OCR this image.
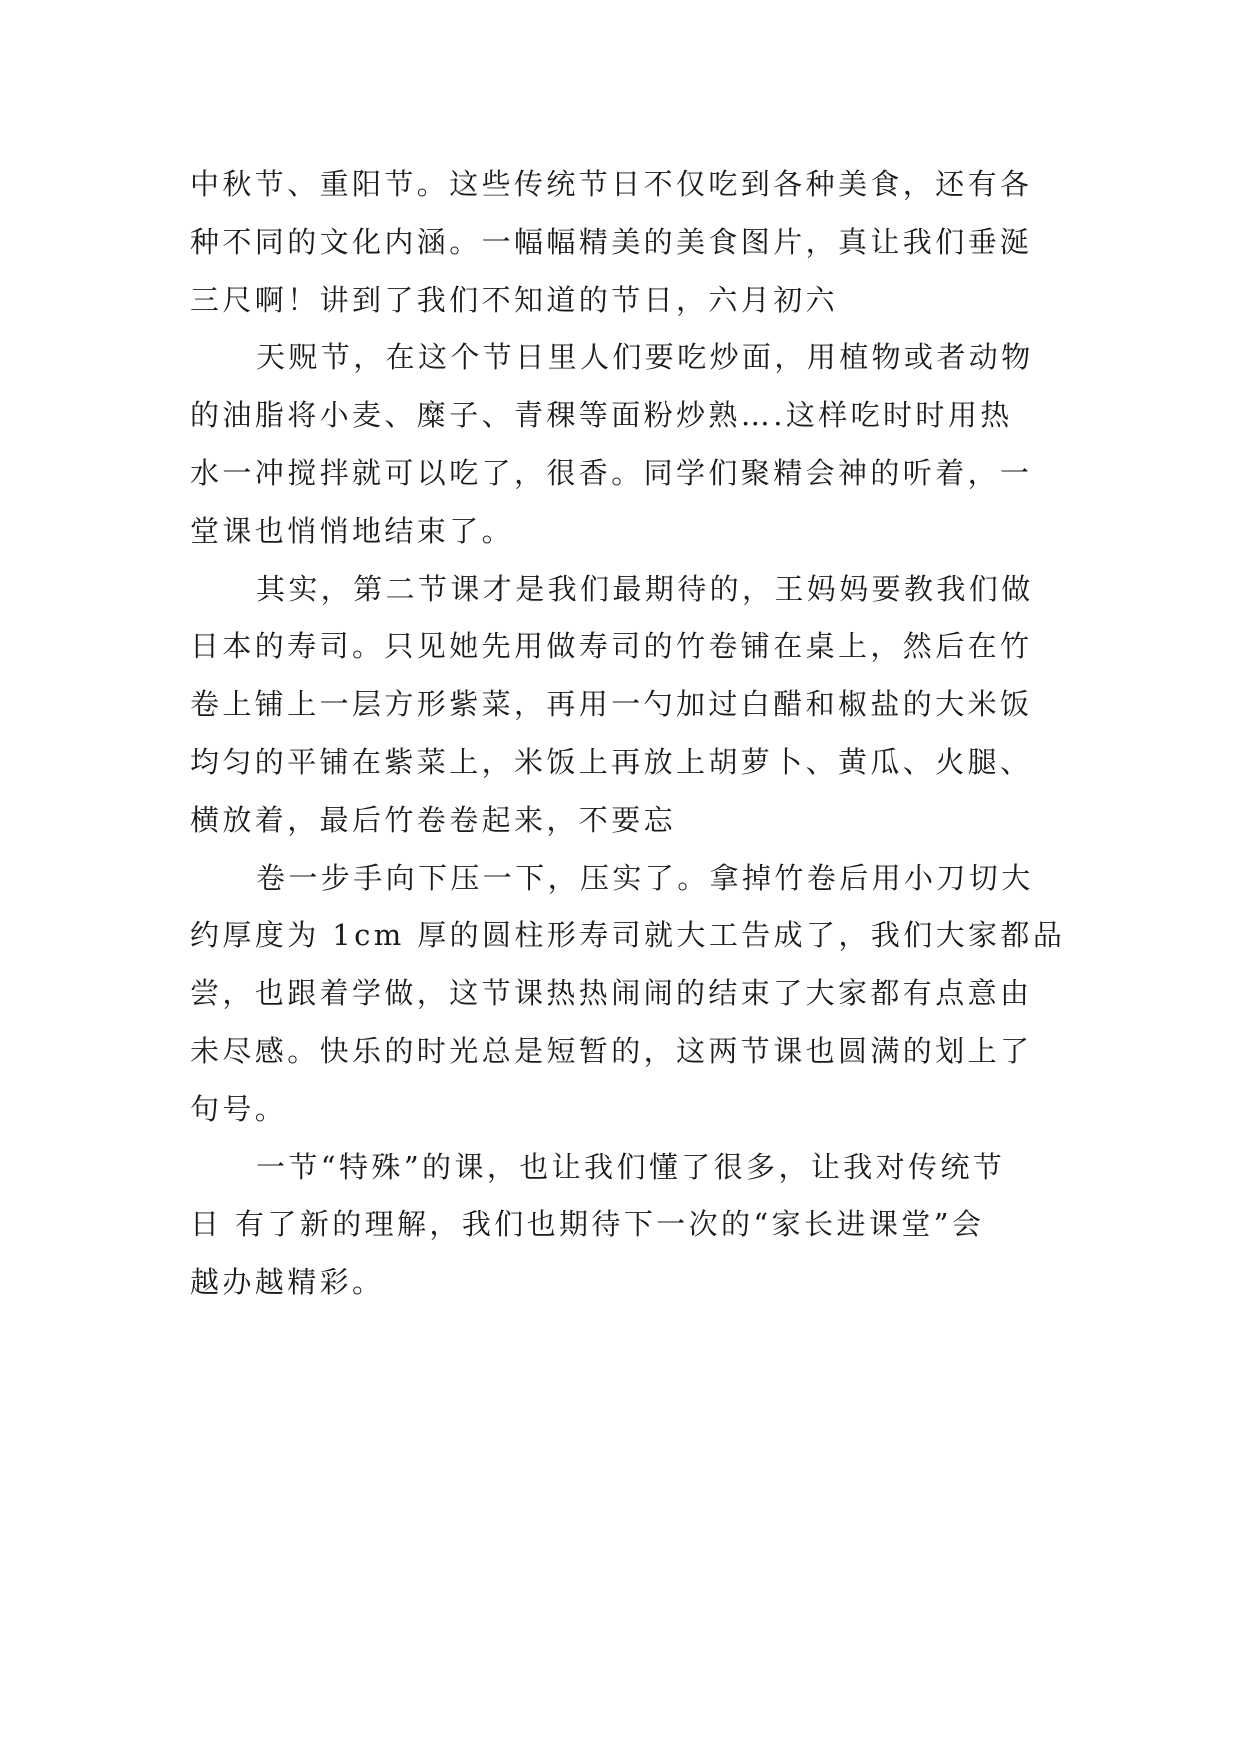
中秋节、重阳节。这些传统节日不仅吃到各种美食，还有各
种不同的文化内涵。一幅幅精美的美食图片，真让我们垂涎
三尺啊！讲到了我们不知道的节日，六月初六
天贶节，在这个节日里人们要吃炒面，用植物或者动物
的油脂将小麦、糜子、青稞等面粉炒熟….这样吃时时用热
水一冲搅拌就可以吃了，很香。同学们聚精会神的听着，一
堂课也悄悄地结束了。
其实，第二节课才是我们最期待的，王妈妈要教我们做
日本的寿司。只见她先用做寿司的竹卷铺在桌上，然后在竹
卷上铺上一层方形紫菜，再用一勺加过白醋和椒盐的大米饭
均匀的平铺在紫菜上，米饭上再放上胡萝卜、黄瓜、火腿、
横放着，最后竹卷卷起来，不要忘
卷一步手向下压一下，压实了。拿掉竹卷后用小刀切大
约厚度为 1cm 厚的圆柱形寿司就大工告成了，我们大家都品
尝，也跟着学做，这节课热热闹闹的结束了大家都有点意由
未尽感。快乐的时光总是短暂的，这两节课也圆满的划上了
句号。
一节“特殊”的课，也让我们懂了很多，让我对传统节
日 有了新的理解，我们也期待下一次的“家长进课堂”会
越办越精彩。
